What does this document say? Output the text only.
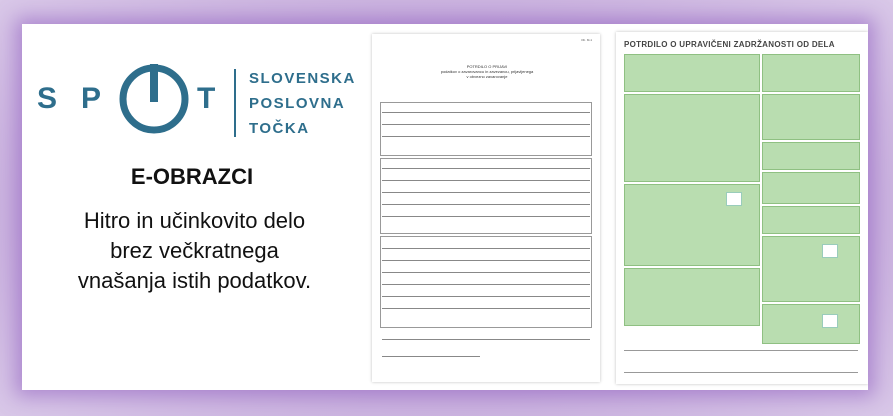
S P	T
SLOVENSKA
POSLOVNA
TOČKA
E-OBRAZCI
Hitro in učinkovito delo
brez večkratnega
vnašanja istih podatkov.
Ob. M-1
POTRDILO O PRIJAVI
podatkov o zavarovancu in zavezancu, prijavljenega
v obvezno zavarovanje
POTRDILO O UPRAVIČENI ZADRŽANOSTI OD DELA
